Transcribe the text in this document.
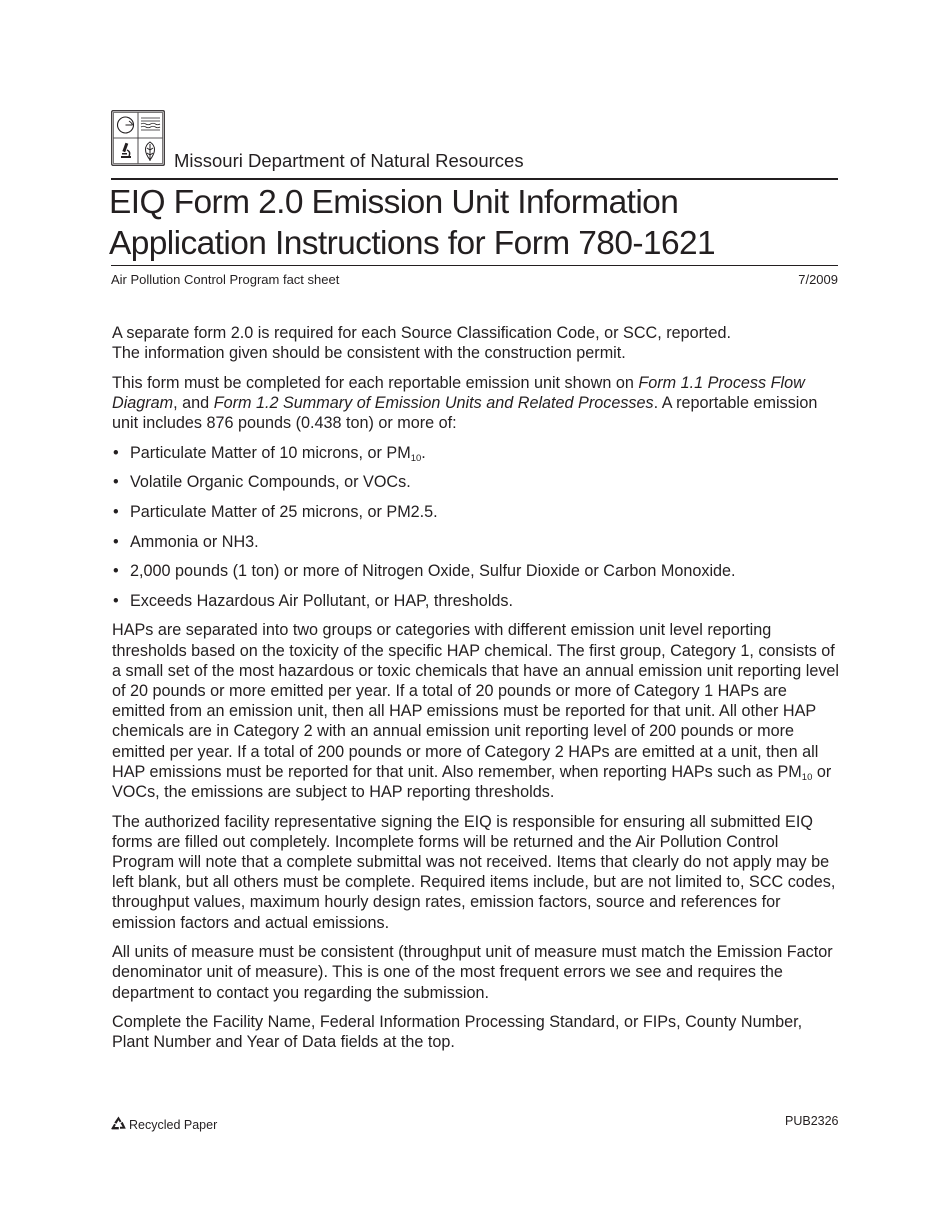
Missouri Department of Natural Resources
EIQ Form 2.0 Emission Unit Information
Application Instructions for Form 780-1621
Air Pollution Control Program fact sheet	7/2009

A separate form 2.0 is required for each Source Classification Code, or SCC, reported.
The information given should be consistent with the construction permit.

This form must be completed for each reportable emission unit shown on Form 1.1 Process Flow Diagram, and Form 1.2 Summary of Emission Units and Related Processes. A reportable emission unit includes 876 pounds (0.438 ton) or more of:

• Particulate Matter of 10 microns, or $PM_{10}$.
• Volatile Organic Compounds, or VOCs.
• Particulate Matter of 25 microns, or PM2.5.
• Ammonia or NH3.
• 2,000 pounds (1 ton) or more of Nitrogen Oxide, Sulfur Dioxide or Carbon Monoxide.
• Exceeds Hazardous Air Pollutant, or HAP, thresholds.

HAPs are separated into two groups or categories with different emission unit level reporting thresholds based on the toxicity of the specific HAP chemical. The first group, Category 1, consists of a small set of the most hazardous or toxic chemicals that have an annual emission unit reporting level of 20 pounds or more emitted per year. If a total of 20 pounds or more of Category 1 HAPs are emitted from an emission unit, then all HAP emissions must be reported for that unit. All other HAP chemicals are in Category 2 with an annual emission unit reporting level of 200 pounds or more emitted per year. If a total of 200 pounds or more of Category 2 HAPs are emitted at a unit, then all HAP emissions must be reported for that unit. Also remember, when reporting HAPs such as $PM_{10}$ or VOCs, the emissions are subject to HAP reporting thresholds.

The authorized facility representative signing the EIQ is responsible for ensuring all submitted EIQ forms are filled out completely. Incomplete forms will be returned and the Air Pollution Control Program will note that a complete submittal was not received. Items that clearly do not apply may be left blank, but all others must be complete. Required items include, but are not limited to, SCC codes, throughput values, maximum hourly design rates, emission factors, source and references for emission factors and actual emissions.

All units of measure must be consistent (throughput unit of measure must match the Emission Factor denominator unit of measure). This is one of the most frequent errors we see and requires the department to contact you regarding the submission.

Complete the Facility Name, Federal Information Processing Standard, or FIPs, County Number, Plant Number and Year of Data fields at the top.

Recycled Paper	PUB2326
